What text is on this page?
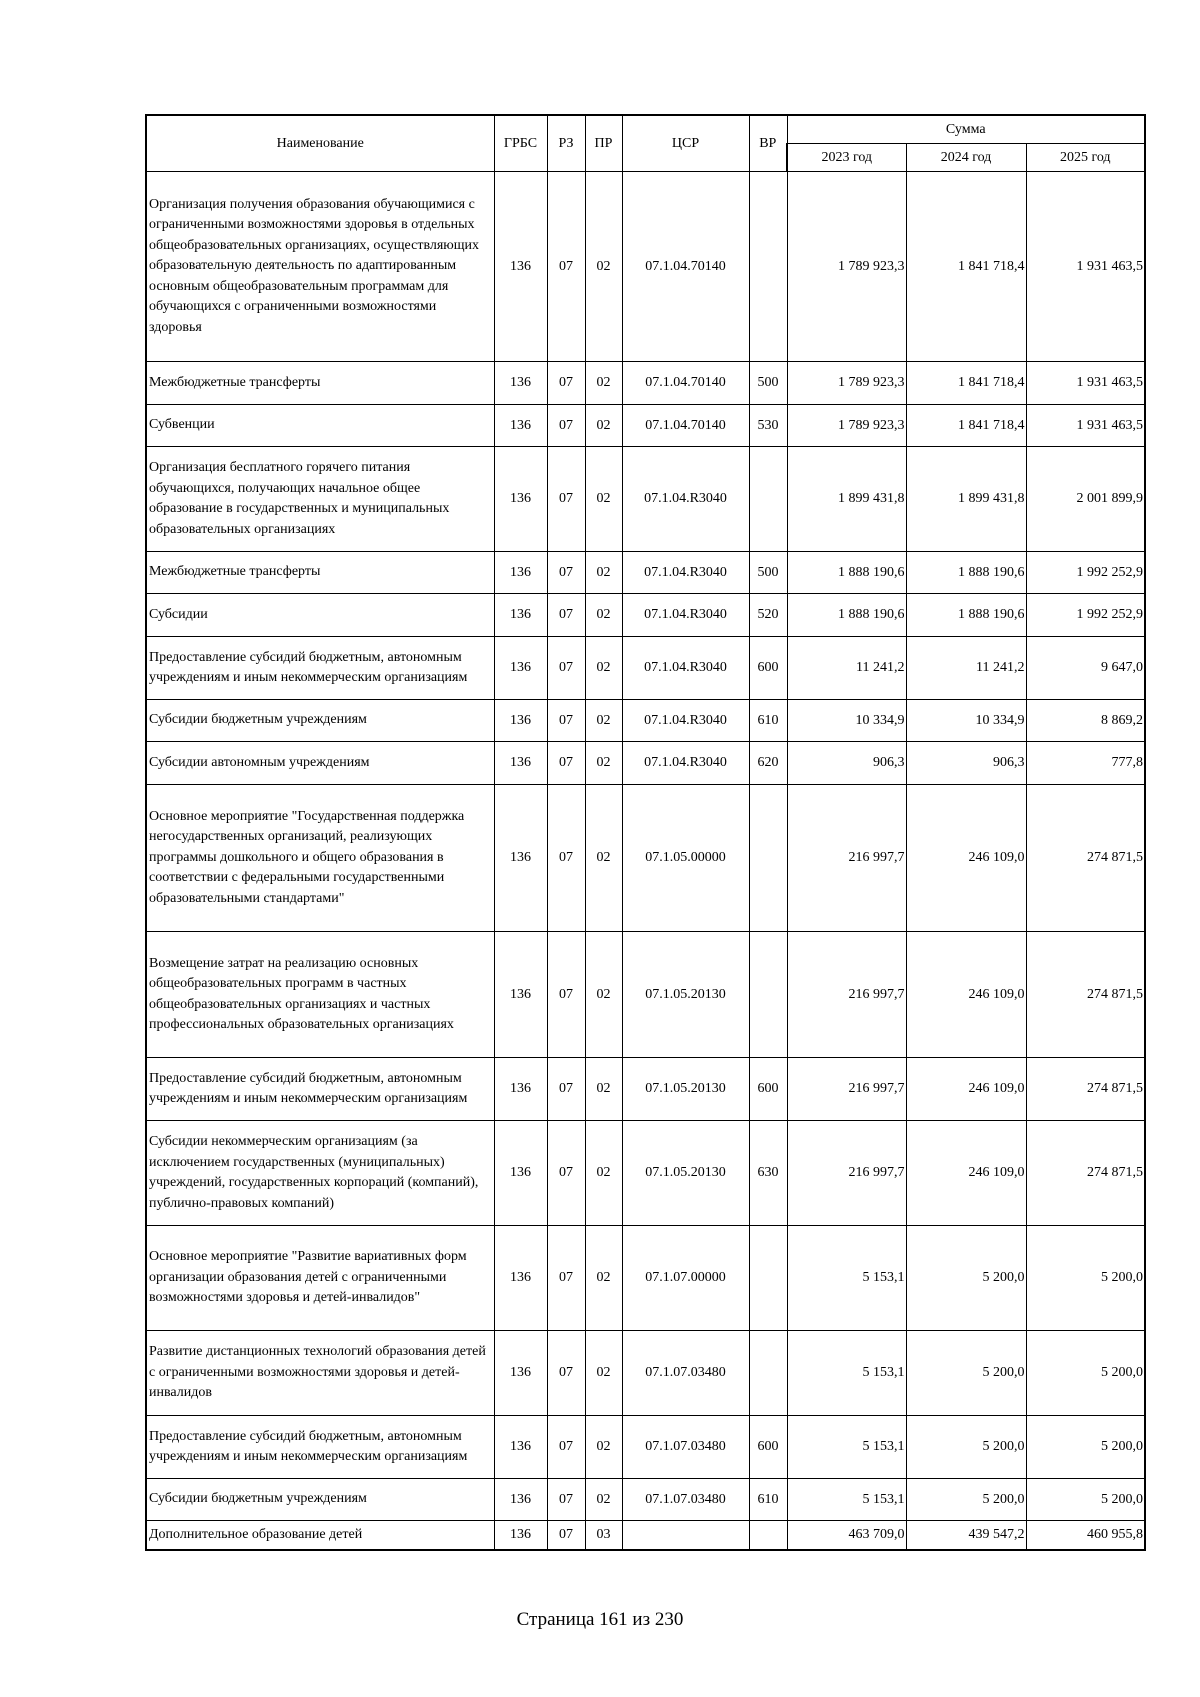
Наименование	ГРБС	РЗ	ПР	ЦСР	ВР	Сумма		
						2023 год	2024 год	2025 год
Организация получения образования обучающимися с ограниченными возможностями здоровья в отдельных общеобразовательных организациях, осуществляющих образовательную деятельность по адаптированным основным общеобразовательным программам для обучающихся с ограниченными возможностями здоровья	136	07	02	07.1.04.70140		1 789 923,3	1 841 718,4	1 931 463,5
Межбюджетные трансферты	136	07	02	07.1.04.70140	500	1 789 923,3	1 841 718,4	1 931 463,5
Субвенции	136	07	02	07.1.04.70140	530	1 789 923,3	1 841 718,4	1 931 463,5
Организация бесплатного горячего питания обучающихся, получающих начальное общее образование в государственных и муниципальных образовательных организациях	136	07	02	07.1.04.R3040		1 899 431,8	1 899 431,8	2 001 899,9
Межбюджетные трансферты	136	07	02	07.1.04.R3040	500	1 888 190,6	1 888 190,6	1 992 252,9
Субсидии	136	07	02	07.1.04.R3040	520	1 888 190,6	1 888 190,6	1 992 252,9
Предоставление субсидий бюджетным, автономным учреждениям и иным некоммерческим организациям	136	07	02	07.1.04.R3040	600	11 241,2	11 241,2	9 647,0
Субсидии бюджетным учреждениям	136	07	02	07.1.04.R3040	610	10 334,9	10 334,9	8 869,2
Субсидии автономным учреждениям	136	07	02	07.1.04.R3040	620	906,3	906,3	777,8
Основное мероприятие "Государственная поддержка негосударственных организаций, реализующих программы дошкольного и общего образования в соответствии с федеральными государственными образовательными стандартами"	136	07	02	07.1.05.00000		216 997,7	246 109,0	274 871,5
Возмещение затрат на реализацию основных общеобразовательных программ в частных общеобразовательных организациях и частных профессиональных образовательных организациях	136	07	02	07.1.05.20130		216 997,7	246 109,0	274 871,5
Предоставление субсидий бюджетным, автономным учреждениям и иным некоммерческим организациям	136	07	02	07.1.05.20130	600	216 997,7	246 109,0	274 871,5
Субсидии некоммерческим организациям (за исключением государственных (муниципальных) учреждений, государственных корпораций (компаний), публично-правовых компаний)	136	07	02	07.1.05.20130	630	216 997,7	246 109,0	274 871,5
Основное мероприятие "Развитие вариативных форм организации образования детей с ограниченными возможностями здоровья и детей-инвалидов"	136	07	02	07.1.07.00000		5 153,1	5 200,0	5 200,0
Развитие дистанционных технологий образования детей с ограниченными возможностями здоровья и детей-инвалидов	136	07	02	07.1.07.03480		5 153,1	5 200,0	5 200,0
Предоставление субсидий бюджетным, автономным учреждениям и иным некоммерческим организациям	136	07	02	07.1.07.03480	600	5 153,1	5 200,0	5 200,0
Субсидии бюджетным учреждениям	136	07	02	07.1.07.03480	610	5 153,1	5 200,0	5 200,0
Дополнительное образование детей	136	07	03			463 709,0	439 547,2	460 955,8
Страница 161 из 230
